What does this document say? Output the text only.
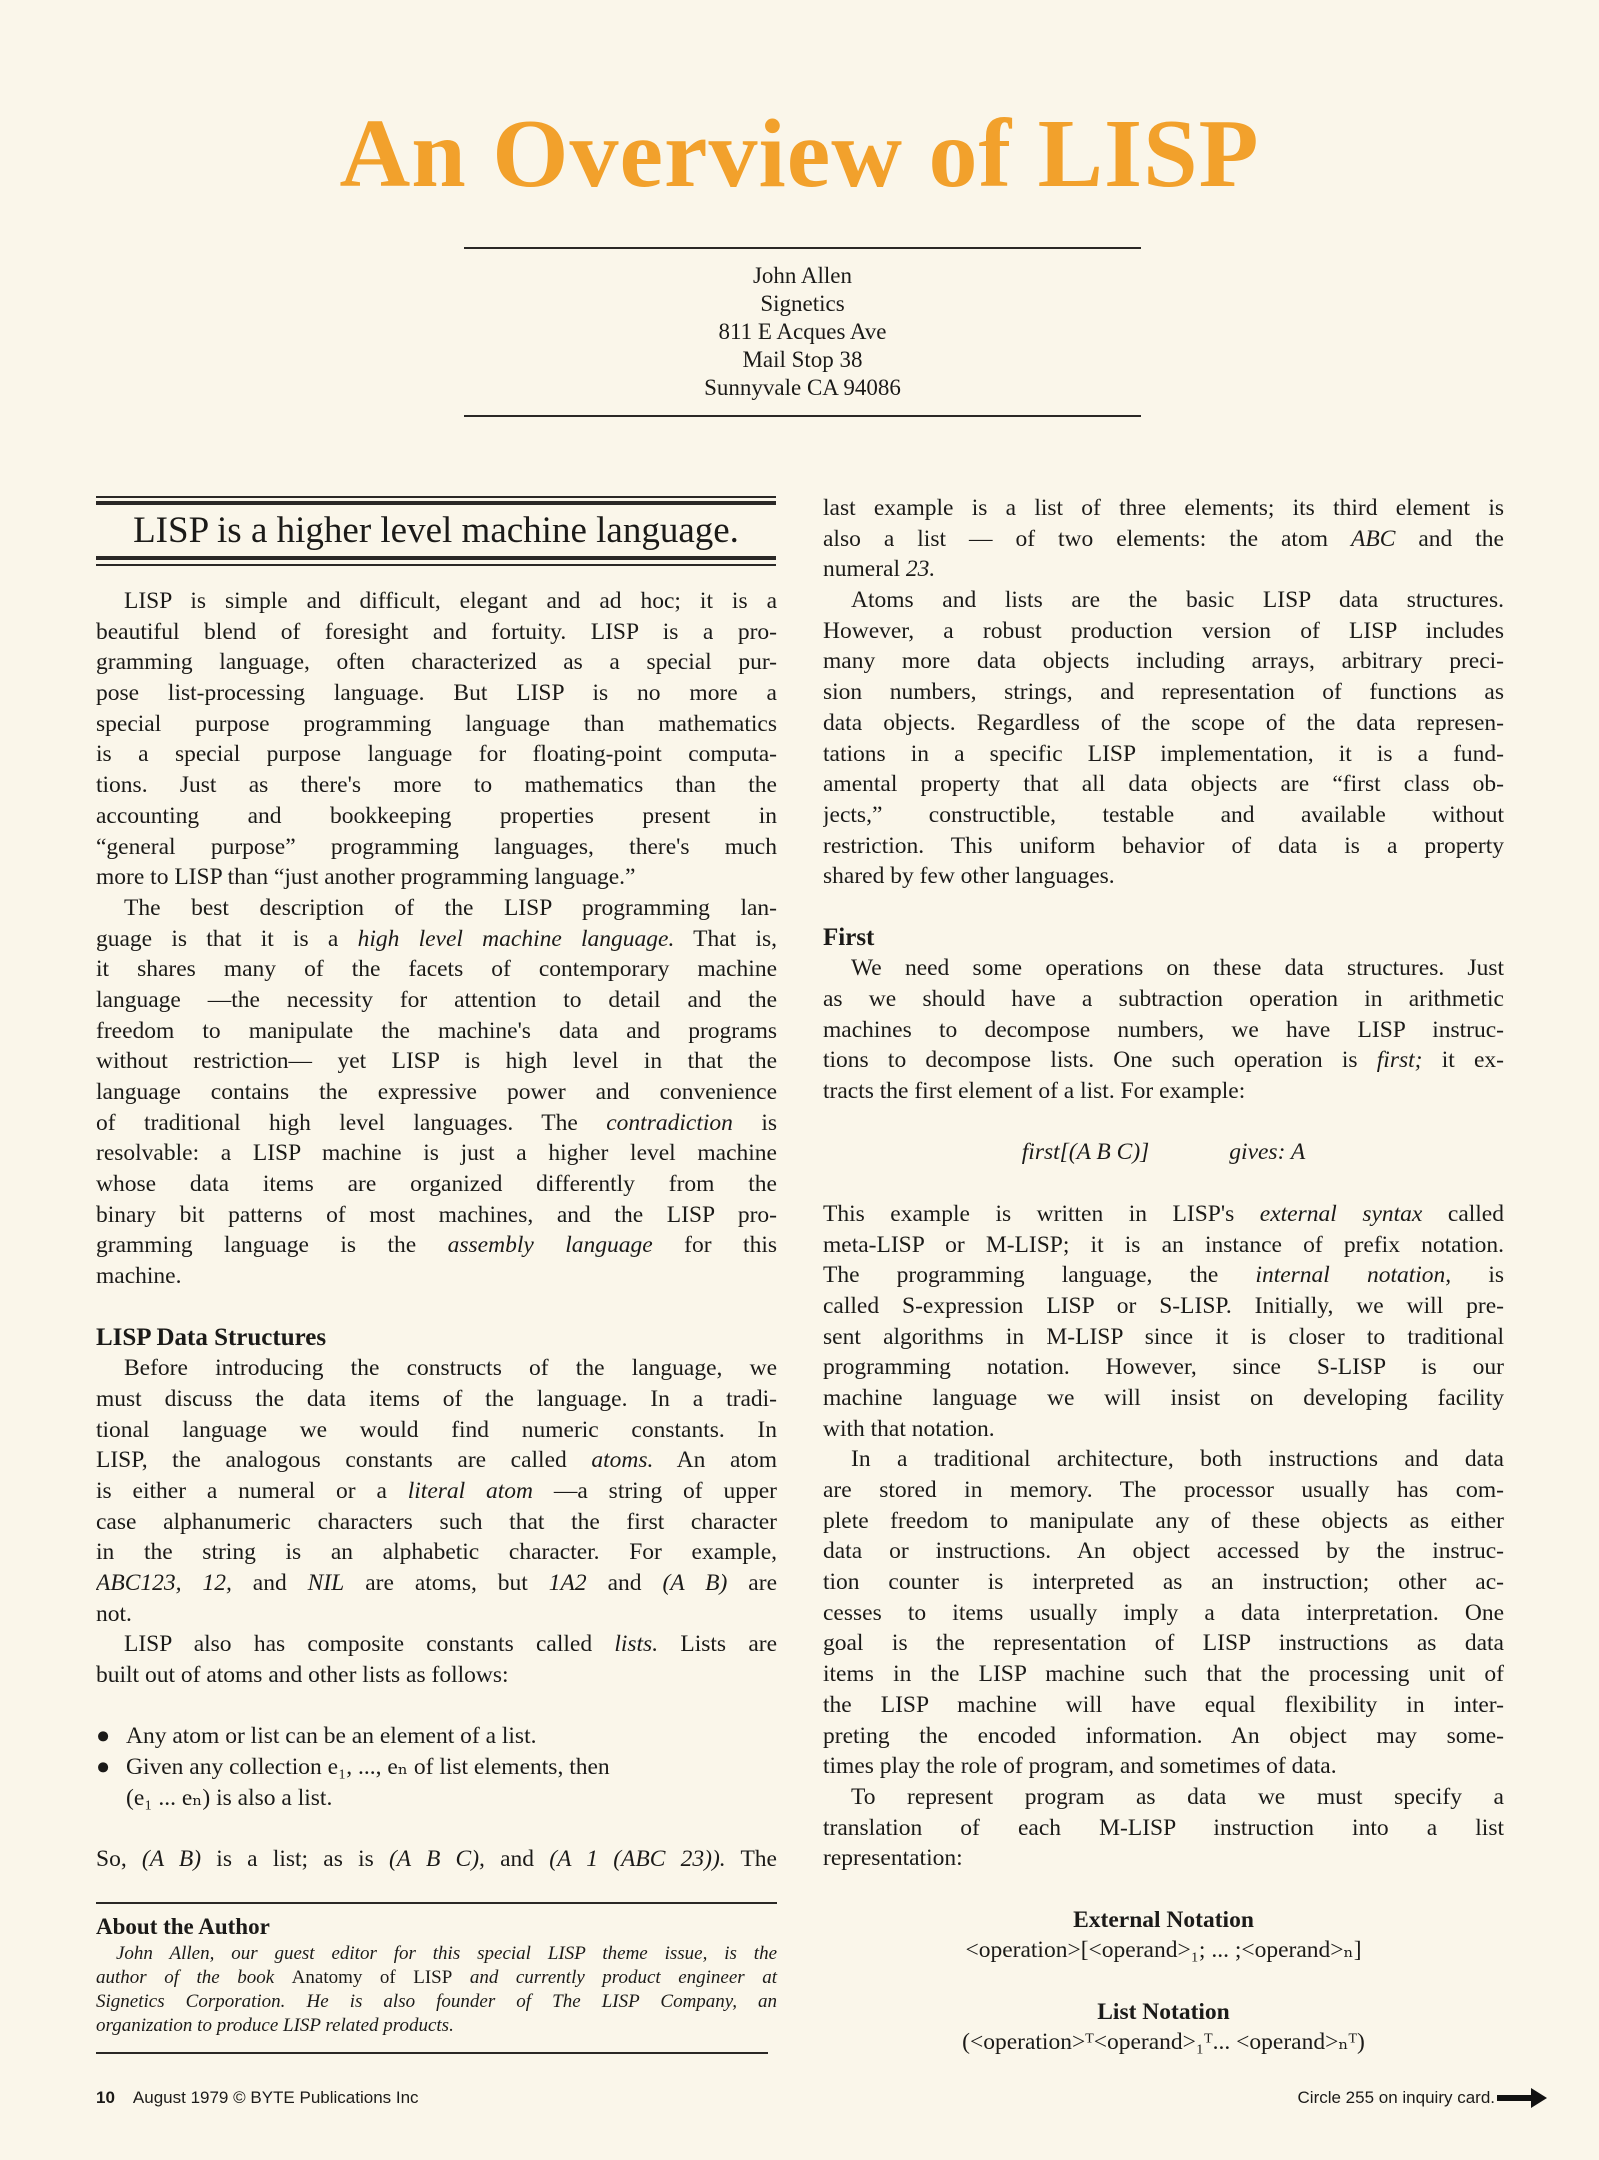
An Overview of LISP
John Allen
Signetics
811 E Acques Ave
Mail Stop 38
Sunnyvale CA 94086
LISP is a higher level machine language.
LISP is simple and difficult, elegant and ad hoc; it is a
beautiful blend of foresight and fortuity. LISP is a pro-
gramming language, often characterized as a special pur-
pose list-processing language. But LISP is no more a
special purpose programming language than mathematics
is a special purpose language for floating-point computa-
tions. Just as there's more to mathematics than the
accounting and bookkeeping properties present in
“general purpose” programming languages, there's much
more to LISP than “just another programming language.”
The best description of the LISP programming lan-
guage is that it is a high level machine language. That is,
it shares many of the facets of contemporary machine
language —the necessity for attention to detail and the
freedom to manipulate the machine's data and programs
without restriction— yet LISP is high level in that the
language contains the expressive power and convenience
of traditional high level languages. The contradiction is
resolvable: a LISP machine is just a higher level machine
whose data items are organized differently from the
binary bit patterns of most machines, and the LISP pro-
gramming language is the assembly language for this
machine.
LISP Data Structures
Before introducing the constructs of the language, we
must discuss the data items of the language. In a tradi-
tional language we would find numeric constants. In
LISP, the analogous constants are called atoms. An atom
is either a numeral or a literal atom —a string of upper
case alphanumeric characters such that the first character
in the string is an alphabetic character. For example,
ABC123, 12, and NIL are atoms, but 1A2 and (A B) are
not.
LISP also has composite constants called lists. Lists are
built out of atoms and other lists as follows:
● Any atom or list can be an element of a list.
● Given any collection e₁, ..., eₙ of list elements, then
(e₁ ... eₙ) is also a list.
So, (A B) is a list; as is (A B C), and (A 1 (ABC 23)). The
last example is a list of three elements; its third element is
also a list — of two elements: the atom ABC and the
numeral 23.
Atoms and lists are the basic LISP data structures.
However, a robust production version of LISP includes
many more data objects including arrays, arbitrary preci-
sion numbers, strings, and representation of functions as
data objects. Regardless of the scope of the data represen-
tations in a specific LISP implementation, it is a fund-
amental property that all data objects are “first class ob-
jects,” constructible, testable and available without
restriction. This uniform behavior of data is a property
shared by few other languages.
First
We need some operations on these data structures. Just
as we should have a subtraction operation in arithmetic
machines to decompose numbers, we have LISP instruc-
tions to decompose lists. One such operation is first; it ex-
tracts the first element of a list. For example:
first[(A B C)]	gives: A
This example is written in LISP's external syntax called
meta-LISP or M-LISP; it is an instance of prefix notation.
The programming language, the internal notation, is
called S-expression LISP or S-LISP. Initially, we will pre-
sent algorithms in M-LISP since it is closer to traditional
programming notation. However, since S-LISP is our
machine language we will insist on developing facility
with that notation.
In a traditional architecture, both instructions and data
are stored in memory. The processor usually has com-
plete freedom to manipulate any of these objects as either
data or instructions. An object accessed by the instruc-
tion counter is interpreted as an instruction; other ac-
cesses to items usually imply a data interpretation. One
goal is the representation of LISP instructions as data
items in the LISP machine such that the processing unit of
the LISP machine will have equal flexibility in inter-
preting the encoded information. An object may some-
times play the role of program, and sometimes of data.
To represent program as data we must specify a
translation of each M-LISP instruction into a list
representation:
External Notation
<operation>[<operand>₁; ... ;<operand>ₙ]
List Notation
(<operation>ᵀ<operand>₁ᵀ... <operand>ₙᵀ)
About the Author
John Allen, our guest editor for this special LISP theme issue, is the
author of the book Anatomy of LISP and currently product engineer at
Signetics Corporation. He is also founder of The LISP Company, an
organization to produce LISP related products.
10 August 1979 © BYTE Publications Inc	Circle 255 on inquiry card.
